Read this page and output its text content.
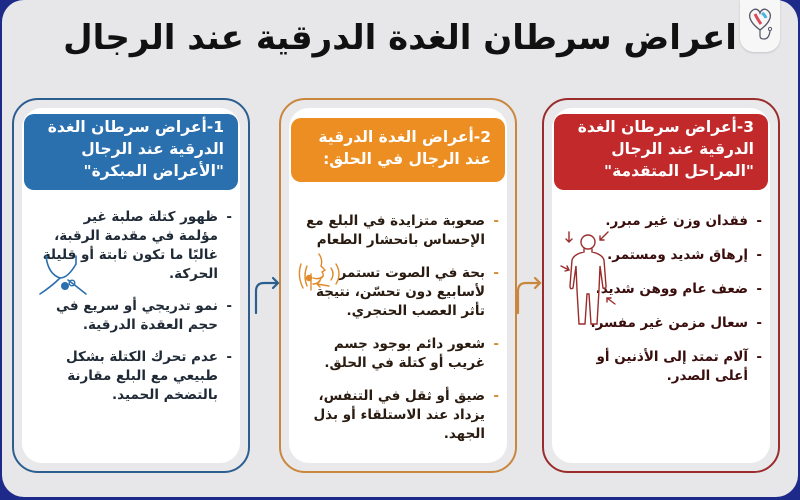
اعراض سرطان الغدة الدرقية عند الرجال
3-أعراض سرطان الغدة
الدرقية عند الرجال
"المراحل المتقدمة"
- فقدان وزن غير مبرر.
- إرهاق شديد ومستمر.
- ضعف عام ووهن شديد.
- سعال مزمن غير مفسر.
- آلام تمتد إلى الأذنين أو أعلى الصدر.
2-أعراض الغدة الدرقية
عند الرجال في الحلق:
- صعوبة متزايدة في البلع مع الإحساس بانحشار الطعام
- بحة في الصوت تستمر لأسابيع دون تحسّن، نتيجة تأثر العصب الحنجري.
- شعور دائم بوجود جسم غريب أو كتلة في الحلق.
- ضيق أو ثقل في التنفس، يزداد عند الاستلقاء أو بذل الجهد.
1-أعراض سرطان الغدة
الدرقية عند الرجال
"الأعراض المبكرة"
- ظهور كتلة صلبة غير مؤلمة في مقدمة الرقبة، غالبًا ما تكون ثابتة أو قليلة الحركة.
- نمو تدريجي أو سريع في حجم العقدة الدرقية.
- عدم تحرك الكتلة بشكل طبيعي مع البلع مقارنة بالتضخم الحميد.
